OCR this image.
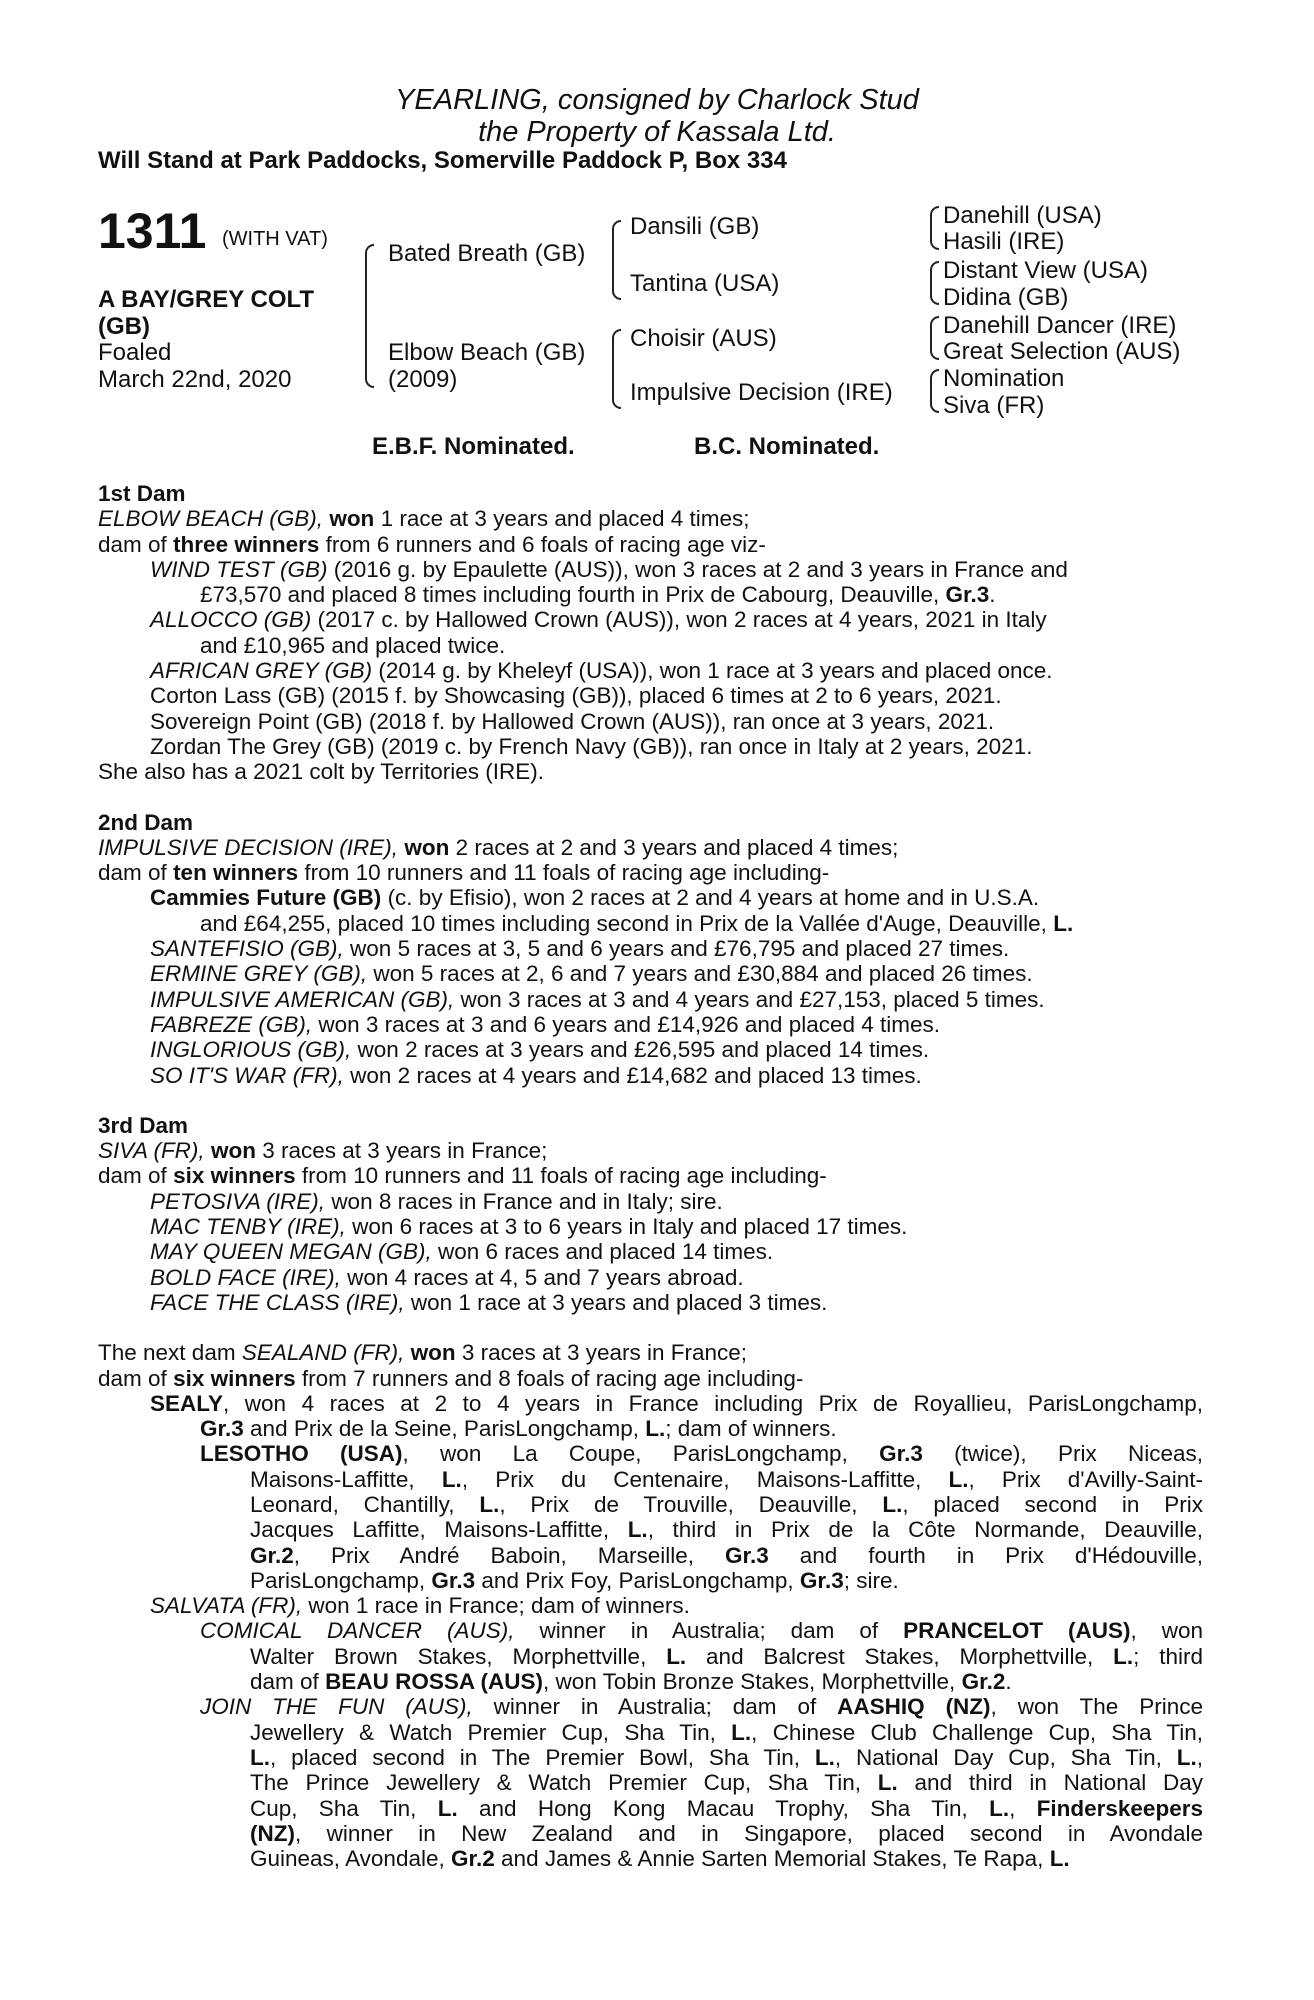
YEARLING, consigned by Charlock Stud
the Property of Kassala Ltd.
Will Stand at Park Paddocks, Somerville Paddock P, Box 334
1311 (WITH VAT)
A BAY/GREY COLT
(GB)
Foaled
March 22nd, 2020
Bated Breath (GB)
Elbow Beach (GB)
(2009)
Dansili (GB)
Tantina (USA)
Choisir (AUS)
Impulsive Decision (IRE)
Danehill (USA)
Hasili (IRE)
Distant View (USA)
Didina (GB)
Danehill Dancer (IRE)
Great Selection (AUS)
Nomination
Siva (FR)
E.B.F. Nominated.	B.C. Nominated.

1st Dam

ELBOW BEACH (GB), won 1 race at 3 years and placed 4 times;

dam of three winners from 6 runners and 6 foals of racing age viz-

WIND TEST (GB) (2016 g. by Epaulette (AUS)), won 3 races at 2 and 3 years in France and

£73,570 and placed 8 times including fourth in Prix de Cabourg, Deauville, Gr.3.

ALLOCCO (GB) (2017 c. by Hallowed Crown (AUS)), won 2 races at 4 years, 2021 in Italy

and £10,965 and placed twice.

AFRICAN GREY (GB) (2014 g. by Kheleyf (USA)), won 1 race at 3 years and placed once.

Corton Lass (GB) (2015 f. by Showcasing (GB)), placed 6 times at 2 to 6 years, 2021.

Sovereign Point (GB) (2018 f. by Hallowed Crown (AUS)), ran once at 3 years, 2021.

Zordan The Grey (GB) (2019 c. by French Navy (GB)), ran once in Italy at 2 years, 2021.

She also has a 2021 colt by Territories (IRE).

2nd Dam

IMPULSIVE DECISION (IRE), won 2 races at 2 and 3 years and placed 4 times;

dam of ten winners from 10 runners and 11 foals of racing age including-

Cammies Future (GB) (c. by Efisio), won 2 races at 2 and 4 years at home and in U.S.A.

and £64,255, placed 10 times including second in Prix de la Vallée d'Auge, Deauville, L.

SANTEFISIO (GB), won 5 races at 3, 5 and 6 years and £76,795 and placed 27 times.

ERMINE GREY (GB), won 5 races at 2, 6 and 7 years and £30,884 and placed 26 times.

IMPULSIVE AMERICAN (GB), won 3 races at 3 and 4 years and £27,153, placed 5 times.

FABREZE (GB), won 3 races at 3 and 6 years and £14,926 and placed 4 times.

INGLORIOUS (GB), won 2 races at 3 years and £26,595 and placed 14 times.

SO IT'S WAR (FR), won 2 races at 4 years and £14,682 and placed 13 times.

3rd Dam

SIVA (FR), won 3 races at 3 years in France;

dam of six winners from 10 runners and 11 foals of racing age including-

PETOSIVA (IRE), won 8 races in France and in Italy; sire.

MAC TENBY (IRE), won 6 races at 3 to 6 years in Italy and placed 17 times.

MAY QUEEN MEGAN (GB), won 6 races and placed 14 times.

BOLD FACE (IRE), won 4 races at 4, 5 and 7 years abroad.

FACE THE CLASS (IRE), won 1 race at 3 years and placed 3 times.

The next dam SEALAND (FR), won 3 races at 3 years in France;

dam of six winners from 7 runners and 8 foals of racing age including-

SEALY, won 4 races at 2 to 4 years in France including Prix de Royallieu, ParisLongchamp,
Gr.3 and Prix de la Seine, ParisLongchamp, L.; dam of winners.
LESOTHO (USA), won La Coupe, ParisLongchamp, Gr.3 (twice), Prix Niceas,
Maisons-Laffitte, L., Prix du Centenaire, Maisons-Laffitte, L., Prix d'Avilly-Saint-
Leonard, Chantilly, L., Prix de Trouville, Deauville, L., placed second in Prix
Jacques Laffitte, Maisons-Laffitte, L., third in Prix de la Côte Normande, Deauville,
Gr.2, Prix André Baboin, Marseille, Gr.3 and fourth in Prix d'Hédouville,
ParisLongchamp, Gr.3 and Prix Foy, ParisLongchamp, Gr.3; sire.

SALVATA (FR), won 1 race in France; dam of winners.

COMICAL DANCER (AUS), winner in Australia; dam of PRANCELOT (AUS), won
Walter Brown Stakes, Morphettville, L. and Balcrest Stakes, Morphettville, L.; third
dam of BEAU ROSSA (AUS), won Tobin Bronze Stakes, Morphettville, Gr.2.
JOIN THE FUN (AUS), winner in Australia; dam of AASHIQ (NZ), won The Prince
Jewellery & Watch Premier Cup, Sha Tin, L., Chinese Club Challenge Cup, Sha Tin,
L., placed second in The Premier Bowl, Sha Tin, L., National Day Cup, Sha Tin, L.,
The Prince Jewellery & Watch Premier Cup, Sha Tin, L. and third in National Day
Cup, Sha Tin, L. and Hong Kong Macau Trophy, Sha Tin, L., Finderskeepers
(NZ), winner in New Zealand and in Singapore, placed second in Avondale
Guineas, Avondale, Gr.2 and James & Annie Sarten Memorial Stakes, Te Rapa, L.
